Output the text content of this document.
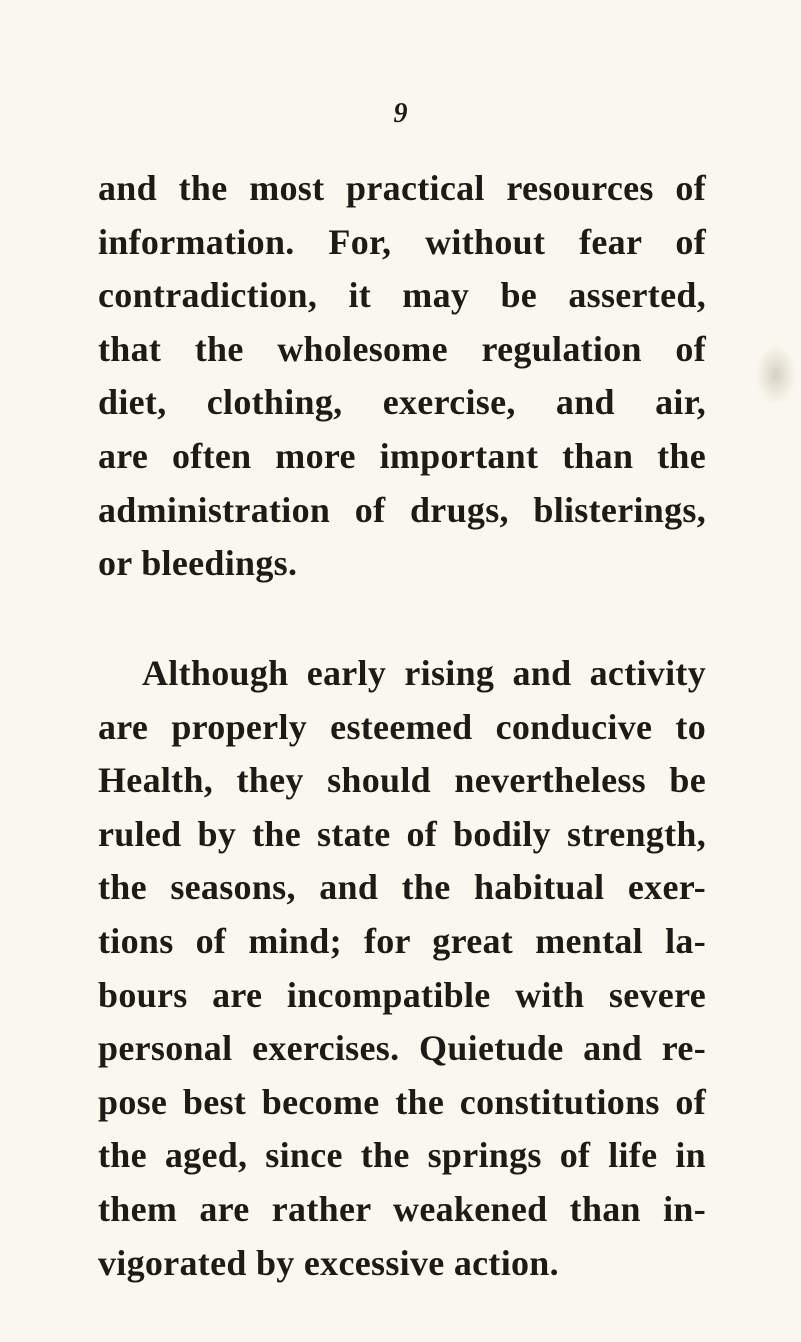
9
and the most practical resources of
information. For, without fear of
contradiction, it may be asserted,
that the wholesome regulation of
diet, clothing, exercise, and air,
are often more important than the
administration of drugs, blisterings,
or bleedings.
Although early rising and activity
are properly esteemed conducive to
Health, they should nevertheless be
ruled by the state of bodily strength,
the seasons, and the habitual exer-
tions of mind; for great mental la-
bours are incompatible with severe
personal exercises. Quietude and re-
pose best become the constitutions of
the aged, since the springs of life in
them are rather weakened than in-
vigorated by excessive action.
